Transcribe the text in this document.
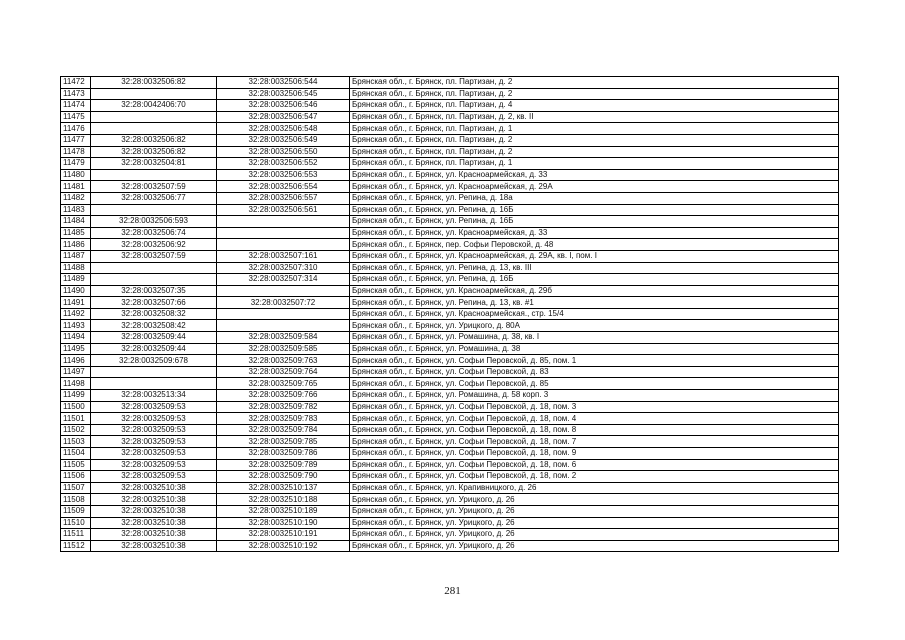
11472	32:28:0032506:82	32:28:0032506:544	Брянская обл., г. Брянск, пл. Партизан, д. 2
11473		32:28:0032506:545	Брянская обл., г. Брянск, пл. Партизан, д. 2
11474	32:28:0042406:70	32:28:0032506:546	Брянская обл., г. Брянск, пл. Партизан, д. 4
11475		32:28:0032506:547	Брянская обл., г. Брянск, пл. Партизан, д. 2, кв. II
11476		32:28:0032506:548	Брянская обл., г. Брянск, пл. Партизан, д. 1
11477	32:28:0032506:82	32:28:0032506:549	Брянская обл., г. Брянск, пл. Партизан, д. 2
11478	32:28:0032506:82	32:28:0032506:550	Брянская обл., г. Брянск, пл. Партизан, д. 2
11479	32:28:0032504:81	32:28:0032506:552	Брянская обл., г. Брянск, пл. Партизан, д. 1
11480		32:28:0032506:553	Брянская обл., г. Брянск, ул. Красноармейская, д. 33
11481	32:28:0032507:59	32:28:0032506:554	Брянская обл., г. Брянск, ул. Красноармейская, д. 29А
11482	32:28:0032506:77	32:28:0032506:557	Брянская обл., г. Брянск, ул. Репина, д. 18а
11483		32:28:0032506:561	Брянская обл., г. Брянск, ул. Репина, д. 16Б
11484	32:28:0032506:593		Брянская обл., г. Брянск, ул. Репина, д. 16Б
11485	32:28:0032506:74		Брянская обл., г. Брянск, ул. Красноармейская, д. 33
11486	32:28:0032506:92		Брянская обл., г. Брянск, пер. Софьи Перовской, д. 48
11487	32:28:0032507:59	32:28:0032507:161	Брянская обл., г. Брянск, ул. Красноармейская, д. 29А, кв. I, пом. I
11488		32:28:0032507:310	Брянская обл., г. Брянск, ул. Репина, д. 13, кв. III
11489		32:28:0032507:314	Брянская обл., г. Брянск, ул. Репина, д. 16Б
11490	32:28:0032507:35		Брянская обл., г. Брянск, ул. Красноармейская, д. 29б
11491	32:28:0032507:66	32:28:0032507:72	Брянская обл., г. Брянск, ул. Репина, д. 13, кв. #1
11492	32:28:0032508:32		Брянская обл., г. Брянск, ул. Красноармейская., стр. 15/4
11493	32:28:0032508:42		Брянская обл., г. Брянск, ул. Урицкого, д. 80А
11494	32:28:0032509:44	32:28:0032509:584	Брянская обл., г. Брянск, ул. Ромашина, д. 38, кв. I
11495	32:28:0032509:44	32:28:0032509:585	Брянская обл., г. Брянск, ул. Ромашина, д. 38
11496	32:28:0032509:678	32:28:0032509:763	Брянская обл., г. Брянск, ул. Софьи Перовской, д. 85, пом. 1
11497		32:28:0032509:764	Брянская обл., г. Брянск, ул. Софьи Перовской, д. 83
11498		32:28:0032509:765	Брянская обл., г. Брянск, ул. Софьи Перовской, д. 85
11499	32:28:0032513:34	32:28:0032509:766	Брянская обл., г. Брянск, ул. Ромашина, д. 58 корп. 3
11500	32:28:0032509:53	32:28:0032509:782	Брянская обл., г. Брянск, ул. Софьи Перовской, д. 18, пом. 3
11501	32:28:0032509:53	32:28:0032509:783	Брянская обл., г. Брянск, ул. Софьи Перовской, д. 18, пом. 4
11502	32:28:0032509:53	32:28:0032509:784	Брянская обл., г. Брянск, ул. Софьи Перовской, д. 18, пом. 8
11503	32:28:0032509:53	32:28:0032509:785	Брянская обл., г. Брянск, ул. Софьи Перовской, д. 18, пом. 7
11504	32:28:0032509:53	32:28:0032509:786	Брянская обл., г. Брянск, ул. Софьи Перовской, д. 18, пом. 9
11505	32:28:0032509:53	32:28:0032509:789	Брянская обл., г. Брянск, ул. Софьи Перовской, д. 18, пом. 6
11506	32:28:0032509:53	32:28:0032509:790	Брянская обл., г. Брянск, ул. Софьи Перовской, д. 18, пом. 2
11507	32:28:0032510:38	32:28:0032510:137	Брянская обл., г. Брянск, ул. Крапивницкого, д. 26
11508	32:28:0032510:38	32:28:0032510:188	Брянская обл., г. Брянск, ул. Урицкого, д. 26
11509	32:28:0032510:38	32:28:0032510:189	Брянская обл., г. Брянск, ул. Урицкого, д. 26
11510	32:28:0032510:38	32:28:0032510:190	Брянская обл., г. Брянск, ул. Урицкого, д. 26
11511	32:28:0032510:38	32:28:0032510:191	Брянская обл., г. Брянск, ул. Урицкого, д. 26
11512	32:28:0032510:38	32:28:0032510:192	Брянская обл., г. Брянск, ул. Урицкого, д. 26
281
